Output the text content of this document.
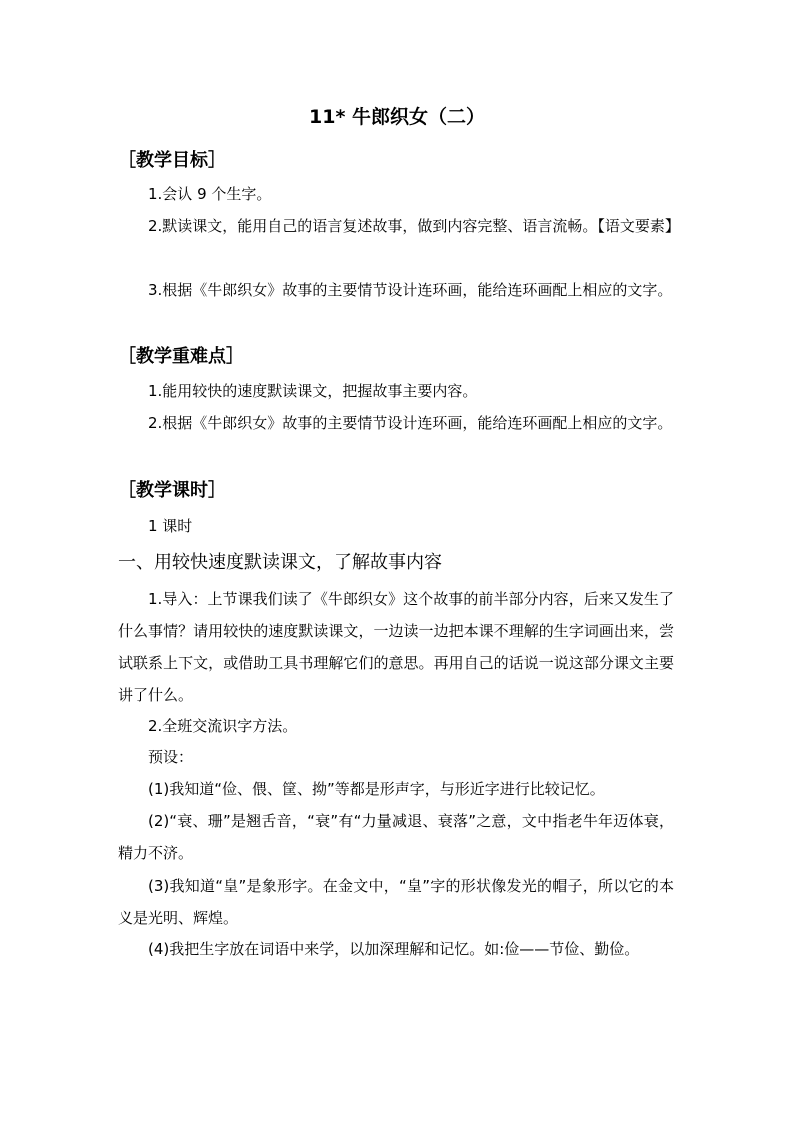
11* 牛郎织女（二）
［教学目标］

1.会认 9 个生字。

2.默读课文，能用自己的语言复述故事，做到内容完整、语言流畅。【语文要素】

3.根据《牛郎织女》故事的主要情节设计连环画，能给连环画配上相应的文字。

［教学重难点］

1.能用较快的速度默读课文，把握故事主要内容。

2.根据《牛郎织女》故事的主要情节设计连环画，能给连环画配上相应的文字。

［教学课时］

1 课时

一、用较快速度默读课文，了解故事内容

1.导入：上节课我们读了《牛郎织女》这个故事的前半部分内容，后来又发生了什么事情？请用较快的速度默读课文，一边读一边把本课不理解的生字词画出来，尝试联系上下文，或借助工具书理解它们的意思。再用自己的话说一说这部分课文主要讲了什么。

2.全班交流识字方法。

预设：

(1)我知道“俭、偎、筐、拗”等都是形声字，与形近字进行比较记忆。

(2)“衰、珊”是翘舌音，“衰”有“力量减退、衰落”之意，文中指老牛年迈体衰，精力不济。

(3)我知道“皇”是象形字。在金文中，“皇”字的形状像发光的帽子，所以它的本义是光明、辉煌。

(4)我把生字放在词语中来学，以加深理解和记忆。如:俭——节俭、勤俭。
